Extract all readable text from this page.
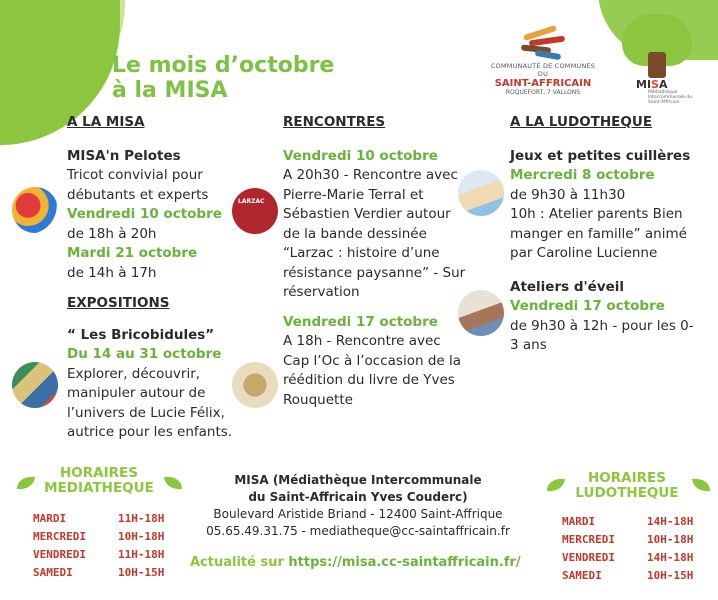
Le mois d’octobre
à la MISA
COMMUNAUTÉ DE COMMUNES DU
SAINT-AFFRICAIN
ROQUEFORT, 7 VALLONS
MISA
Médiathèque Intercommunale du Saint-Affricain
A LA MISA
MISA'n Pelotes
Tricot convivial pour débutants et experts
Vendredi 10 octobre
de 18h à 20h
Mardi 21 octobre
de 14h à 17h
EXPOSITIONS
“ Les Bricobidules”
Du 14 au 31 octobre
Explorer, découvrir, manipuler autour de l’univers de Lucie Félix, autrice pour les enfants.
RENCONTRES
Vendredi 10 octobre
A 20h30 - Rencontre avec Pierre-Marie Terral et Sébastien Verdier autour de la bande dessinée “Larzac : histoire d’une résistance paysanne” - Sur réservation
Vendredi 17 octobre
A 18h - Rencontre avec Cap l’Oc à l’occasion de la réédition du livre de Yves Rouquette
LARZAC
A LA LUDOTHEQUE
Jeux et petites cuillères
Mercredi 8 octobre
de 9h30 à 11h30
10h : Atelier parents Bien manger en famille” animé par Caroline Lucienne
Ateliers d'éveil
Vendredi 17 octobre
de 9h30 à 12h - pour les 0-3 ans
HORAIRES MEDIATHEQUE
MARDI	11H-18H
MERCREDI	10H-18H
VENDREDI	11H-18H
SAMEDI	10H-15H
MISA (Médiathèque Intercommunale
du Saint-Affricain Yves Couderc)
Boulevard Aristide Briand - 12400 Saint-Affrique
05.65.49.31.75 - mediatheque@cc-saintaffricain.fr
Actualité sur https://misa.cc-saintaffricain.fr/
HORAIRES LUDOTHEQUE
MARDI	14H-18H
MERCREDI	10H-18H
VENDREDI	14H-18H
SAMEDI	10H-15H
